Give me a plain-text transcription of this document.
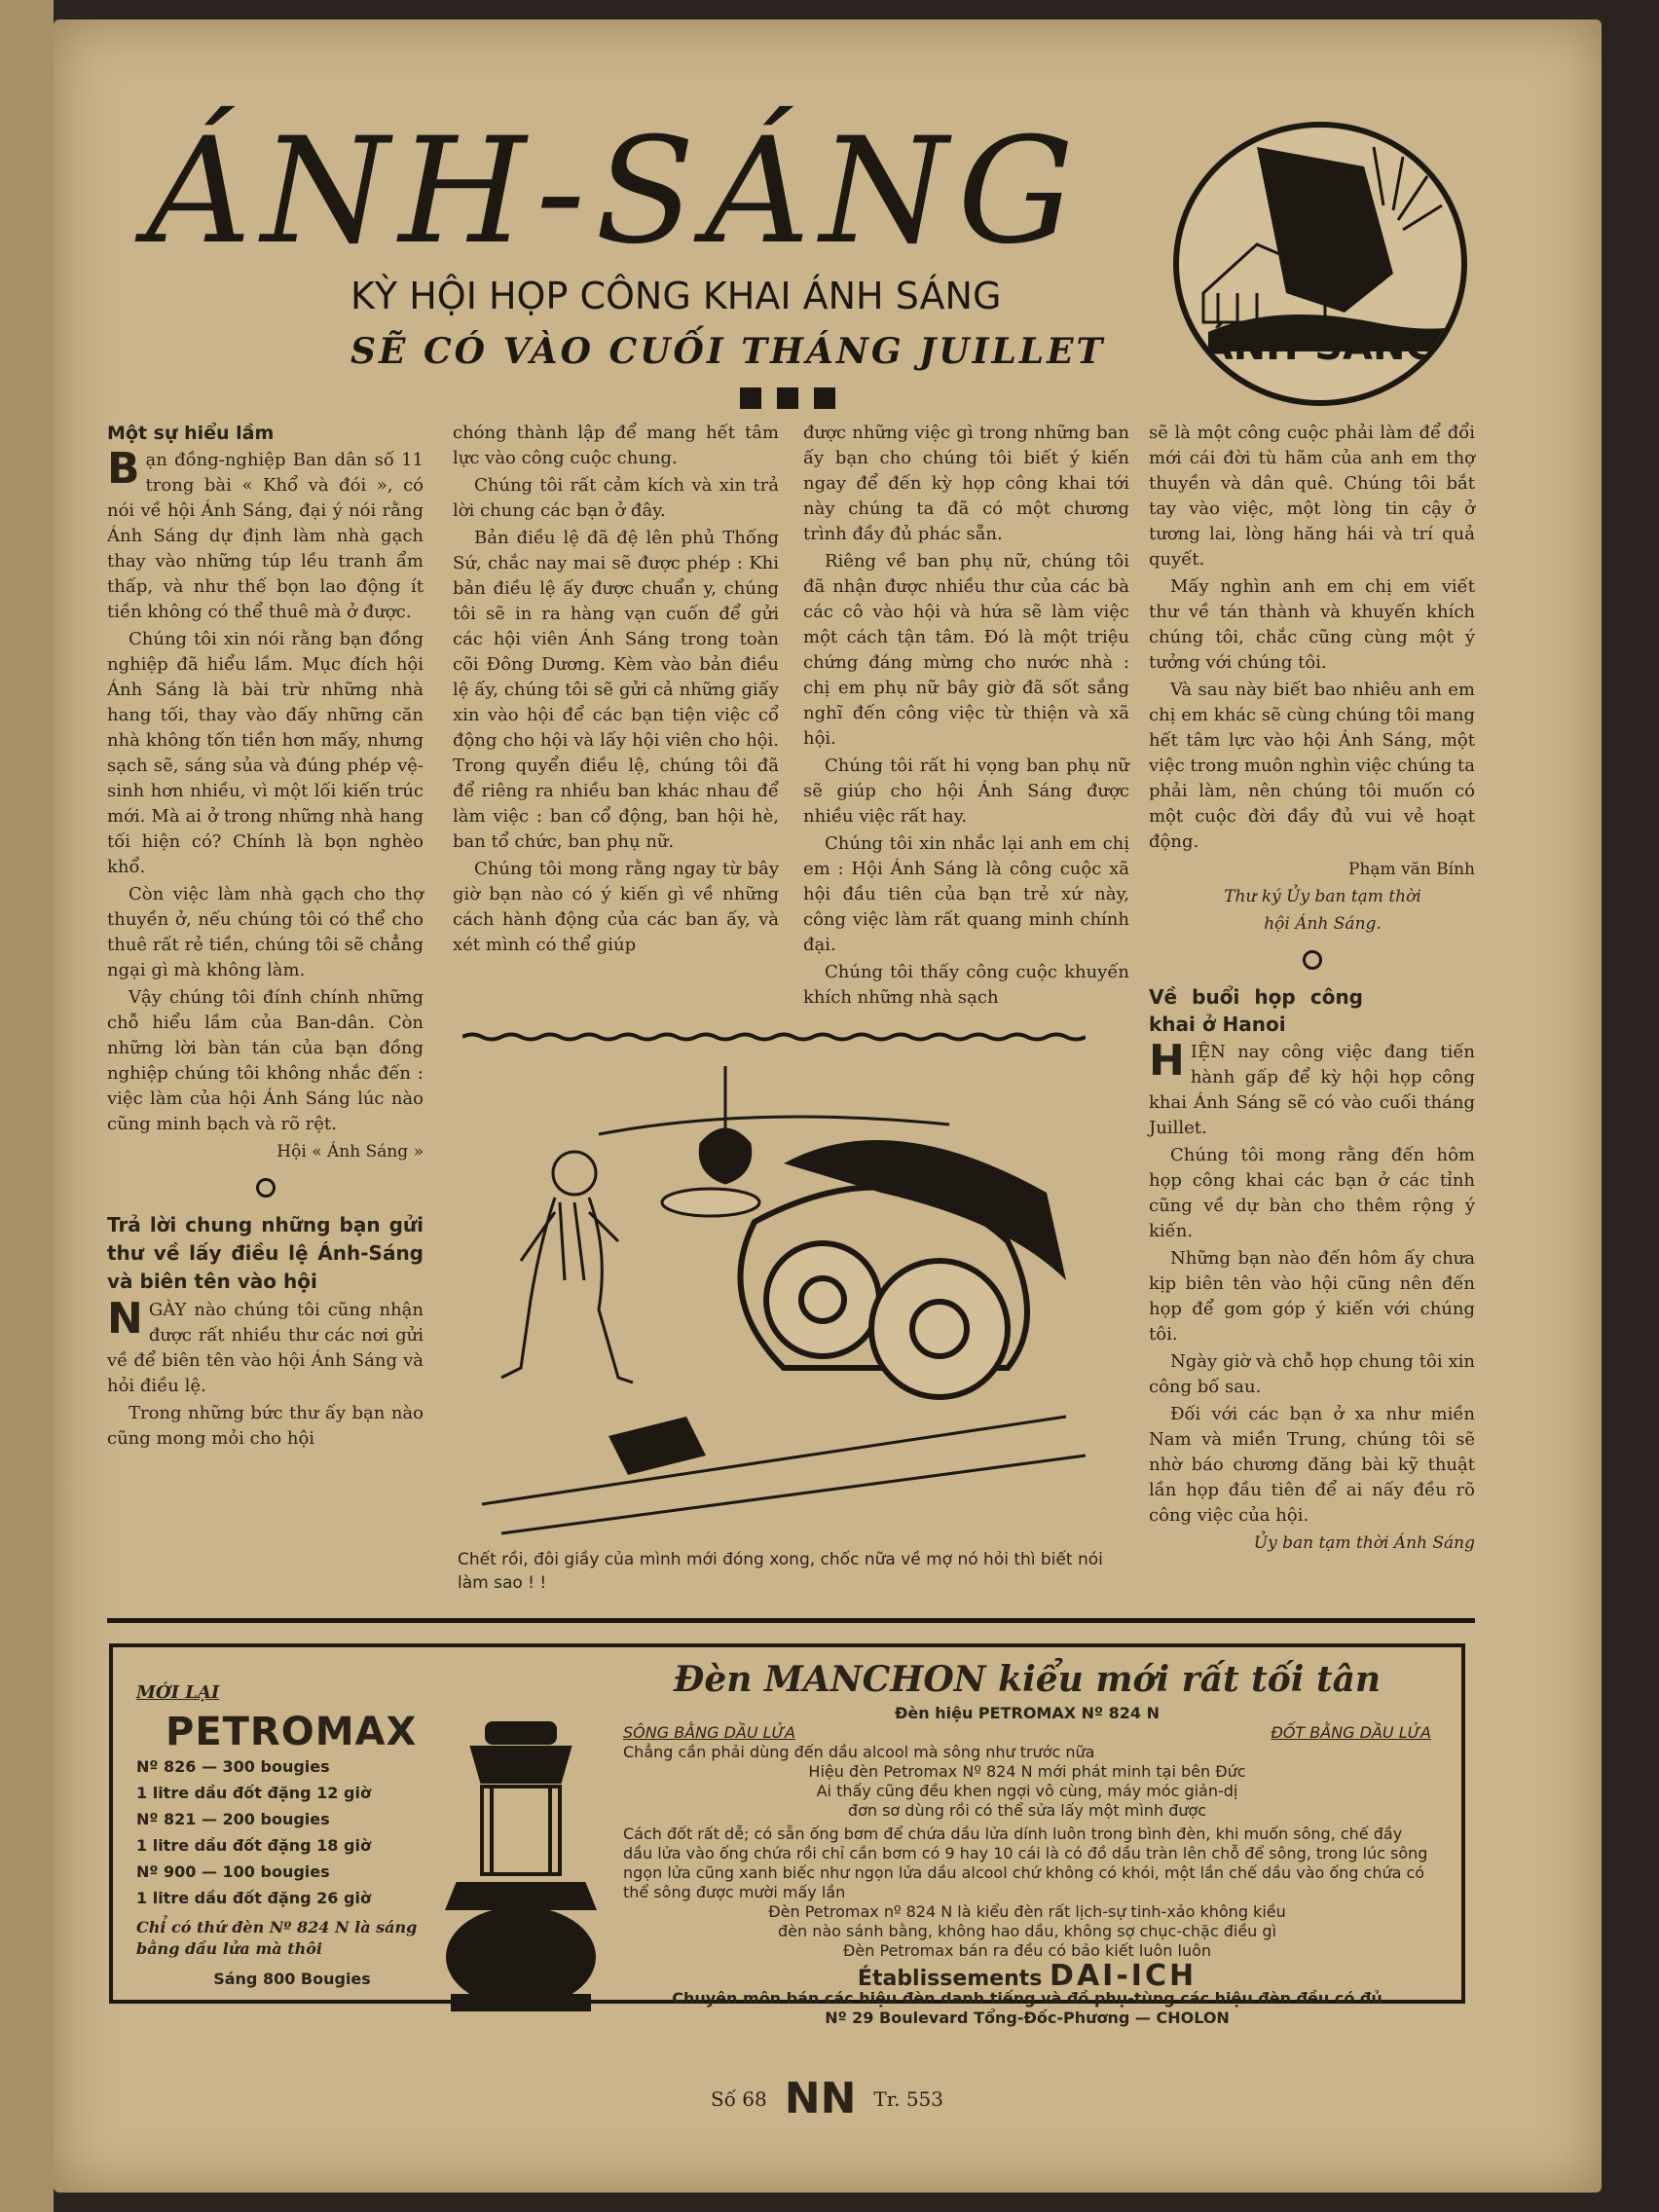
ÁNH-SÁNG
ÁNH-SÁNG
KỲ HỘI HỌP CÔNG KHAI ÁNH SÁNG
SẼ CÓ VÀO CUỐI THÁNG JUILLET

Một sự hiểu lầm

Bạn đồng-nghiệp Ban dân số 11 trong bài « Khổ và đói », có nói về hội Ánh Sáng, đại ý nói rằng Ánh Sáng dự định làm nhà gạch thay vào những túp lều tranh ẩm thấp, và như thế bọn lao động ít tiền không có thể thuê mà ở được.

Chúng tôi xin nói rằng bạn đồng nghiệp đã hiểu lầm. Mục đích hội Ánh Sáng là bài trừ những nhà hang tối, thay vào đấy những căn nhà không tốn tiền hơn mấy, nhưng sạch sẽ, sáng sủa và đúng phép vệ-sinh hơn nhiều, vì một lối kiến trúc mới. Mà ai ở trong những nhà hang tối hiện có? Chính là bọn nghèo khổ.

Còn việc làm nhà gạch cho thợ thuyền ở, nếu chúng tôi có thể cho thuê rất rẻ tiền, chúng tôi sẽ chẳng ngại gì mà không làm.

Vậy chúng tôi đính chính những chỗ hiểu lầm của Ban-dân. Còn những lời bàn tán của bạn đồng nghiệp chúng tôi không nhắc đến : việc làm của hội Ánh Sáng lúc nào cũng minh bạch và rõ rệt.

Hội « Ánh Sáng »

Trả lời chung những bạn gửi thư về lấy điều lệ Ánh-Sáng và biên tên vào hội

NGÀY nào chúng tôi cũng nhận được rất nhiều thư các nơi gửi về để biên tên vào hội Ánh Sáng và hỏi điều lệ.

Trong những bức thư ấy bạn nào cũng mong mỏi cho hội

chóng thành lập để mang hết tâm lực vào công cuộc chung.

Chúng tôi rất cảm kích và xin trả lời chung các bạn ở đây.

Bản điều lệ đã đệ lên phủ Thống Sứ, chắc nay mai sẽ được phép : Khi bản điều lệ ấy được chuẩn y, chúng tôi sẽ in ra hàng vạn cuốn để gửi các hội viên Ánh Sáng trong toàn cõi Đông Dương. Kèm vào bản điều lệ ấy, chúng tôi sẽ gửi cả những giấy xin vào hội để các bạn tiện việc cổ động cho hội và lấy hội viên cho hội. Trong quyển điều lệ, chúng tôi đã để riêng ra nhiều ban khác nhau để làm việc : ban cổ động, ban hội hè, ban tổ chức, ban phụ nữ.

Chúng tôi mong rằng ngay từ bây giờ bạn nào có ý kiến gì về những cách hành động của các ban ấy, và xét mình có thể giúp

được những việc gì trong những ban ấy bạn cho chúng tôi biết ý kiến ngay để đến kỳ họp công khai tới này chúng ta đã có một chương trình đầy đủ phác sẵn.

Riêng về ban phụ nữ, chúng tôi đã nhận được nhiều thư của các bà các cô vào hội và hứa sẽ làm việc một cách tận tâm. Đó là một triệu chứng đáng mừng cho nước nhà : chị em phụ nữ bây giờ đã sốt sắng nghĩ đến công việc từ thiện và xã hội.

Chúng tôi rất hi vọng ban phụ nữ sẽ giúp cho hội Ánh Sáng được nhiều việc rất hay.

Chúng tôi xin nhắc lại anh em chị em : Hội Ánh Sáng là công cuộc xã hội đầu tiên của bạn trẻ xứ này, công việc làm rất quang minh chính đại.

Chúng tôi thấy công cuộc khuyến khích những nhà sạch

sẽ là một công cuộc phải làm để đổi mới cái đời tù hãm của anh em thợ thuyền và dân quê. Chúng tôi bắt tay vào việc, một lòng tin cậy ở tương lai, lòng hăng hái và trí quả quyết.

Mấy nghìn anh em chị em viết thư về tán thành và khuyến khích chúng tôi, chắc cũng cùng một ý tưởng với chúng tôi.

Và sau này biết bao nhiêu anh em chị em khác sẽ cùng chúng tôi mang hết tâm lực vào hội Ánh Sáng, một việc trong muôn nghìn việc chúng ta phải làm, nên chúng tôi muốn có một cuộc đời đầy đủ vui vẻ hoạt động.

Phạm văn Bính

Thư ký Ủy ban tạm thời

hội Ánh Sáng.

Về buổi họp công khai ở Hanoi

HIỆN nay công việc đang tiến hành gấp để kỳ hội họp công khai Ánh Sáng sẽ có vào cuối tháng Juillet.

Chúng tôi mong rằng đến hôm họp công khai các bạn ở các tỉnh cũng về dự bàn cho thêm rộng ý kiến.

Những bạn nào đến hôm ấy chưa kịp biên tên vào hội cũng nên đến họp để gom góp ý kiến với chúng tôi.

Ngày giờ và chỗ họp chung tôi xin công bố sau.

Đối với các bạn ở xa như miền Nam và miền Trung, chúng tôi sẽ nhờ báo chương đăng bài kỹ thuật lần họp đầu tiên để ai nấy đều rõ công việc của hội.

Ủy ban tạm thời Ánh Sáng

Chết rồi, đôi giầy của mình mới đóng xong, chốc nữa về mợ nó hỏi thì biết nói làm sao ! !
MỚI LẠI
PETROMAX
Nº 826 — 300 bougies
1 litre dầu đốt đặng 12 giờ
Nº 821 — 200 bougies
1 litre dầu đốt đặng 18 giờ
Nº 900 — 100 bougies
1 litre dầu đốt đặng 26 giờ
Chỉ có thứ đèn Nº 824 N là sáng bằng dầu lửa mà thôi
Sáng 800 Bougies
Đèn MANCHON kiểu mới rất tối tân
Đèn hiệu PETROMAX Nº 824 N
SÔNG BẰNG DẦU LỬA	ĐỐT BẰNG DẦU LỬA
Chẳng cần phải dùng đến dầu alcool mà sông như trước nữa
Hiệu đèn Petromax Nº 824 N mới phát minh tại bên Đức
Ai thấy cũng đều khen ngợi vô cùng, máy móc giản-dị
đơn sơ dùng rồi có thể sửa lấy một mình được
Cách đốt rất dễ; có sẵn ống bơm để chứa dầu lửa dính luôn trong bình đèn, khi muốn sông, chế đầy dầu lửa vào ống chứa rồi chỉ cần bơm có 9 hay 10 cái là có đồ dầu tràn lên chỗ để sông, trong lúc sông ngọn lửa cũng xanh biếc như ngọn lửa dầu alcool chứ không có khói, một lần chế dầu vào ống chứa có thể sông được mười mấy lần
Đèn Petromax nº 824 N là kiểu đèn rất lịch-sự tinh-xảo không kiều
đèn nào sánh bằng, không hao dầu, không sợ chục-chặc điều gì
Đèn Petromax bán ra đều có bảo kiết luôn luôn
Établissements DAI-ICH
Chuyên môn bán các hiệu đèn danh tiếng và đồ phụ-tùng các hiệu đèn đều có đủ
Nº 29 Boulevard Tổng-Đốc-Phương — CHOLON
Số 68 NN Tr. 553
